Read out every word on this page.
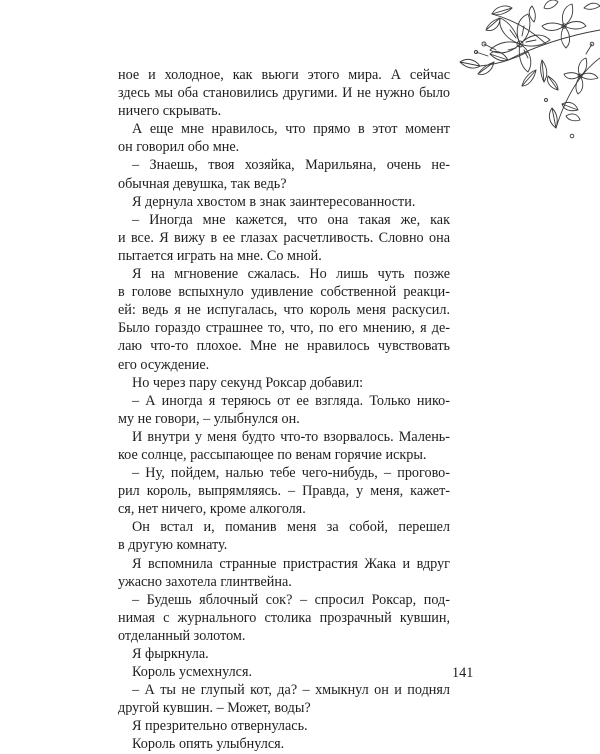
ное и холодное, как вьюги этого мира. А сейчас
здесь мы оба становились другими. И не нужно было
ничего скрывать.
А еще мне нравилось, что прямо в этот момент
он говорил обо мне.
– Знаешь, твоя хозяйка, Марильяна, очень не-
обычная девушка, так ведь?
Я дернула хвостом в знак заинтересованности.
– Иногда мне кажется, что она такая же, как
и все. Я вижу в ее глазах расчетливость. Словно она
пытается играть на мне. Со мной.
Я на мгновение сжалась. Но лишь чуть позже
в голове вспыхнуло удивление собственной реакци-
ей: ведь я не испугалась, что король меня раскусил.
Было гораздо страшнее то, что, по его мнению, я де-
лаю что-то плохое. Мне не нравилось чувствовать
его осуждение.
Но через пару секунд Роксар добавил:
– А иногда я теряюсь от ее взгляда. Только нико-
му не говори, – улыбнулся он.
И внутри у меня будто что-то взорвалось. Малень-
кое солнце, рассыпающее по венам горячие искры.
– Ну, пойдем, налью тебе чего-нибудь, – прогово-
рил король, выпрямляясь. – Правда, у меня, кажет-
ся, нет ничего, кроме алкоголя.
Он встал и, поманив меня за собой, перешел
в другую комнату.
Я вспомнила странные пристрастия Жака и вдруг
ужасно захотела глинтвейна.
– Будешь яблочный сок? – спросил Роксар, под-
нимая с журнального столика прозрачный кувшин,
отделанный золотом.
Я фыркнула.
Король усмехнулся.
– А ты не глупый кот, да? – хмыкнул он и поднял
другой кувшин. – Может, воды?
Я презрительно отвернулась.
Король опять улыбнулся.
141
